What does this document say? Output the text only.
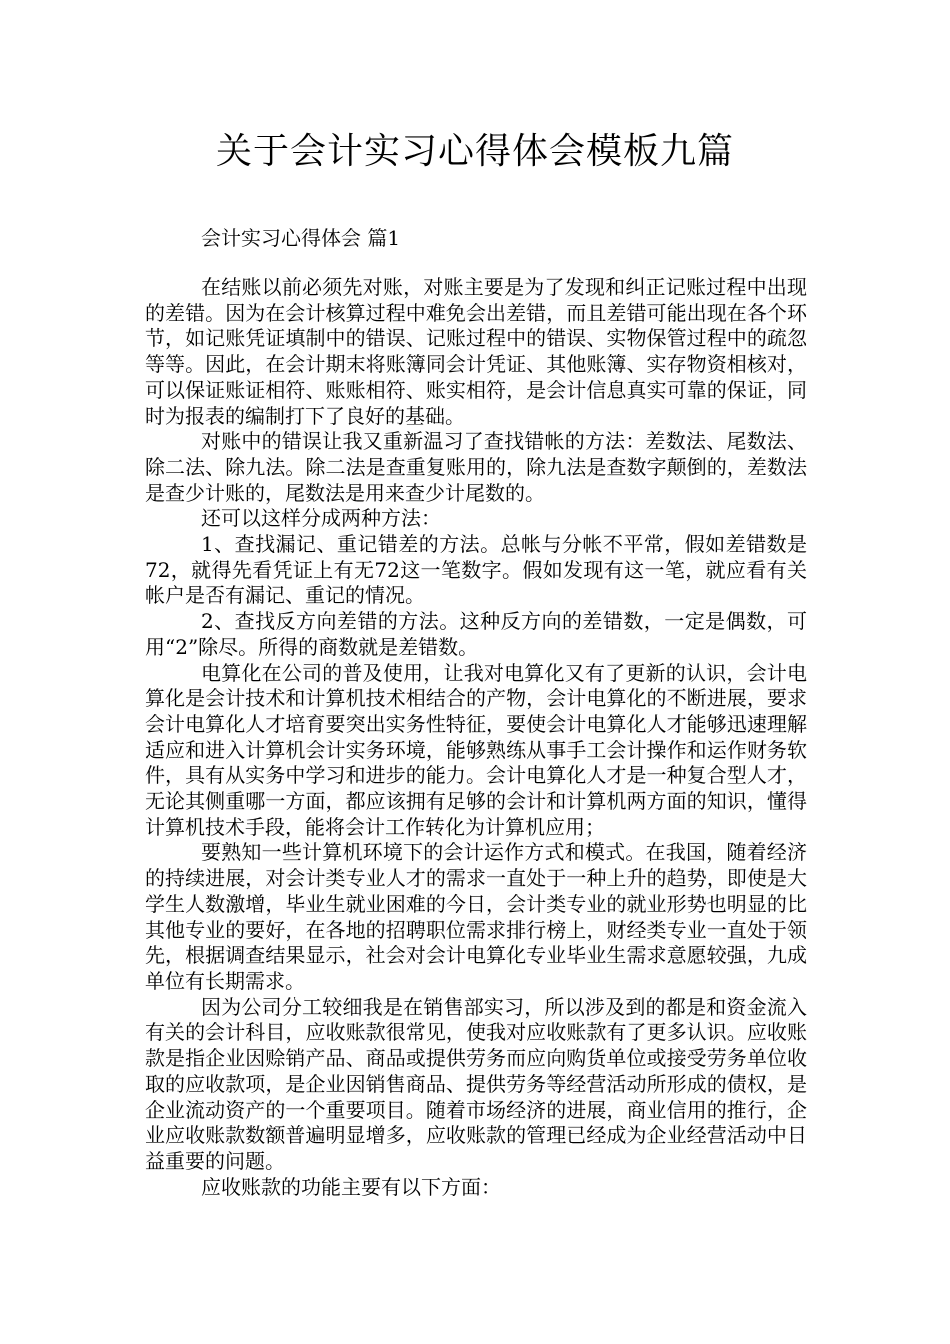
关于会计实习心得体会模板九篇
会计实习心得体会 篇1

在结账以前必须先对账，对账主要是为了发现和纠正记账过程中出现的差错。因为在会计核算过程中难免会出差错，而且差错可能出现在各个环节，如记账凭证填制中的错误、记账过程中的错误、实物保管过程中的疏忽等等。因此，在会计期末将账簿同会计凭证、其他账簿、实存物资相核对，可以保证账证相符、账账相符、账实相符，是会计信息真实可靠的保证，同时为报表的编制打下了良好的基础。

对账中的错误让我又重新温习了查找错帐的方法：差数法、尾数法、除二法、除九法。除二法是查重复账用的，除九法是查数字颠倒的，差数法是查少计账的，尾数法是用来查少计尾数的。

还可以这样分成两种方法：

1、查找漏记、重记错差的方法。总帐与分帐不平常，假如差错数是72，就得先看凭证上有无72这一笔数字。假如发现有这一笔，就应看有关帐户是否有漏记、重记的情况。

2、查找反方向差错的方法。这种反方向的差错数，一定是偶数，可用“2”除尽。所得的商数就是差错数。

电算化在公司的普及使用，让我对电算化又有了更新的认识，会计电算化是会计技术和计算机技术相结合的产物，会计电算化的不断进展，要求会计电算化人才培育要突出实务性特征，要使会计电算化人才能够迅速理解适应和进入计算机会计实务环境，能够熟练从事手工会计操作和运作财务软件，具有从实务中学习和进步的能力。会计电算化人才是一种复合型人才，无论其侧重哪一方面，都应该拥有足够的会计和计算机两方面的知识，懂得计算机技术手段，能将会计工作转化为计算机应用；

要熟知一些计算机环境下的会计运作方式和模式。在我国，随着经济的持续进展，对会计类专业人才的需求一直处于一种上升的趋势，即使是大学生人数激增，毕业生就业困难的今日，会计类专业的就业形势也明显的比其他专业的要好，在各地的招聘职位需求排行榜上，财经类专业一直处于领先，根据调查结果显示，社会对会计电算化专业毕业生需求意愿较强，九成单位有长期需求。

因为公司分工较细我是在销售部实习，所以涉及到的都是和资金流入有关的会计科目，应收账款很常见，使我对应收账款有了更多认识。应收账款是指企业因赊销产品、商品或提供劳务而应向购货单位或接受劳务单位收取的应收款项，是企业因销售商品、提供劳务等经营活动所形成的债权，是企业流动资产的一个重要项目。随着市场经济的进展，商业信用的推行，企业应收账款数额普遍明显增多，应收账款的管理已经成为企业经营活动中日益重要的问题。

应收账款的功能主要有以下方面：
